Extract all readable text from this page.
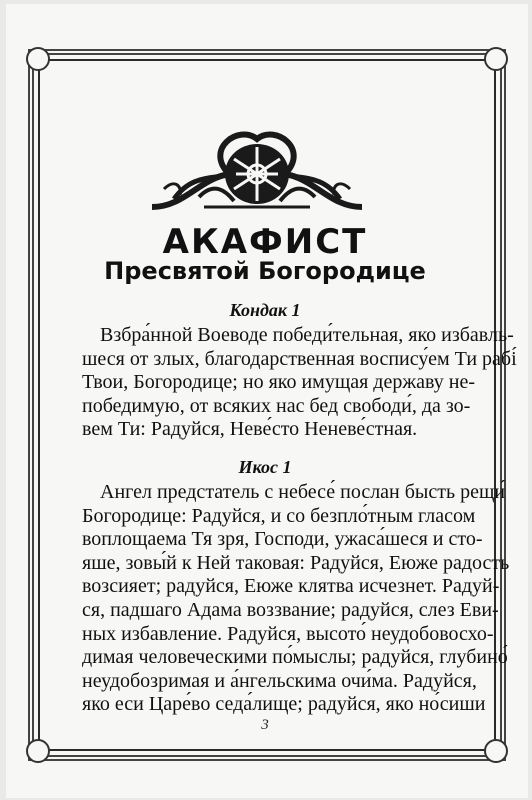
АКАФИСТ
Пресвятой Богородице
Кондак 1

Взбра́нной Воеводе победи́тельная, яко избавль-
шеся от злых, благодарственная воспису́ем Ти рабі́
Твои, Богородице; но яко имущая державу не-
победимую, от всяких нас бед свободи́, да зо-
вем Ти: Радуйся, Неве́сто Неневе́стная.

Икос 1

Ангел предстатель с небесе́ послан бысть рещи́
Богородице: Радуйся, и со безпло́тным гласом
воплощаема Тя зря, Господи, ужаса́шеся и сто-
яше, зовы́й к Ней таковая: Радуйся, Еюже радость
возсияет; радуйся, Еюже клятва исчезнет. Радуй-
ся, падшаго Адама воззвание; радуйся, слез Еви-
ных избавление. Радуйся, высото́ неудобовосхо-
димая человеческими по́мыслы; радуйся, глубино́
неудобозримая и а́нгельскима очи́ма. Радуйся,
яко еси Царе́во седа́лище; радуйся, яко но́сиши

3
